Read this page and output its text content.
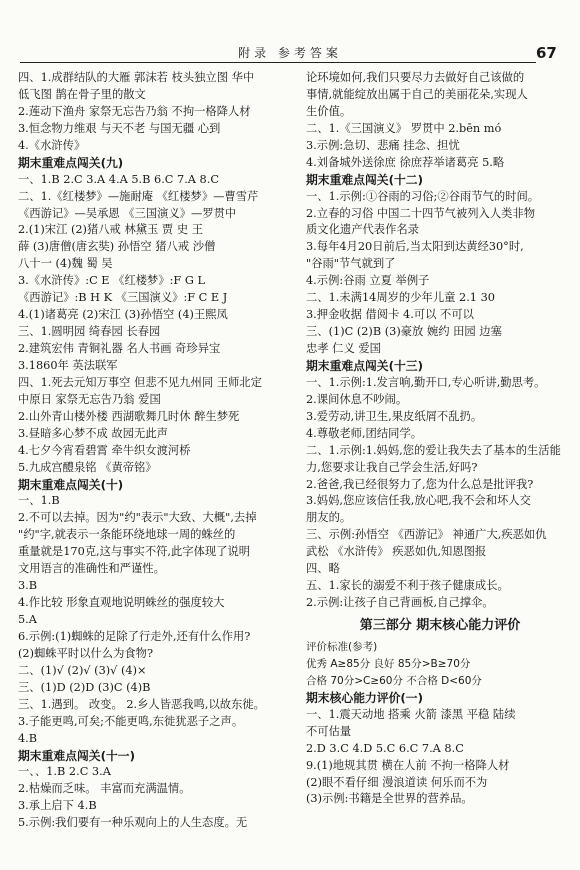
附录 参考答案	67
四、1.成群结队的大雁 郭沫若 枝头独立图 华中
低飞图 鹊在骨子里的散文
2.莲动下渔舟 家祭无忘告乃翁 不拘一格降人材
3.恒念物力维艰 与天不老 与国无疆 心到
4.《水浒传》
期末重难点闯关(九)
一、1.B 2.C 3.A 4.A 5.B 6.C 7.A 8.C
二、1.《红楼梦》—施耐庵 《红楼梦》—曹雪芹
《西游记》—吴承恩 《三国演义》—罗贯中
2.(1)宋江 (2)猪八戒 林黛玉 贾 史 王
薛 (3)唐僧(唐玄奘) 孙悟空 猪八戒 沙僧
八十一 (4)魏 蜀 吴
3.《水浒传》:C E 《红楼梦》:F G L
《西游记》:B H K 《三国演义》:F C E J
4.(1)诸葛亮 (2)宋江 (3)孙悟空 (4)王熙凤
三、1.圆明园 绮春园 长春园
2.建筑宏伟 青铜礼器 名人书画 奇珍异宝
3.1860年 英法联军
四、1.死去元知万事空 但悲不见九州同 王师北定
中原日 家祭无忘告乃翁 爱国
2.山外青山楼外楼 西湖歌舞几时休 醉生梦死
3.昼暗多心梦不成 故园无此声
4.七夕今宵看碧霄 牵牛织女渡河桥
5.九成宫醴泉铭 《黄帝铭》
期末重难点闯关(十)
一、1.B
2.不可以去掉。因为"约"表示"大致、大概",去掉
"约"字,就表示一条能环绕地球一周的蛛丝的
重量就是170克,这与事实不符,此字体现了说明
文用语言的准确性和严谨性。
3.B
4.作比较 形象直观地说明蛛丝的强度较大
5.A
6.示例:(1)蜘蛛的足除了行走外,还有什么作用?
(2)蜘蛛平时以什么为食物?
二、(1)√ (2)√ (3)√ (4)×
三、(1)D (2)D (3)C (4)B
三、1.遇到。 改变。 2.乡人皆恶我鸣,以故东徙。
3.子能更鸣,可矣;不能更鸣,东徙犹恶子之声。
4.B
期末重难点闯关(十一)
一、、1.B 2.C 3.A
2.枯燥而乏味。 丰富而充满温情。
3.承上启下 4.B
5.示例:我们要有一种乐观向上的人生态度。无
论环境如何,我们只要尽力去做好自己该做的
事情,就能绽放出属于自己的美丽花朵,实现人
生价值。
二、1.《三国演义》 罗贯中 2.bēn mó
3.示例:急切、悲痛 挂念、担忧
4.刘备城外送徐庶 徐庶荐举诸葛亮 5.略
期末重难点闯关(十二)
一、1.示例:①谷雨的习俗;②谷雨节气的时间。
2.立春的习俗 中国二十四节气被列入人类非物
质文化遗产代表作名录
3.每年4月20日前后,当太阳到达黄经30°时,
"谷雨"节气就到了
4.示例:谷雨 立夏 举例子
二、1.未满14周岁的少年儿童 2.1 30
3.押金收据 借阅卡 4.可以 不可以
三、(1)C (2)B (3)豪放 婉约 田园 边塞
忠孝 仁义 爱国
期末重难点闯关(十三)
一、1.示例:1.发言响,勤开口,专心听讲,勤思考。
2.课间休息不吵闹。
3.爱劳动,讲卫生,果皮纸屑不乱扔。
4.尊敬老师,团结同学。
二、1.示例:1.妈妈,您的爱让我失去了基本的生活能
力,您要求让我自己学会生活,好吗?
2.爸爸,我已经很努力了,您为什么总是批评我?
3.妈妈,您应该信任我,放心吧,我不会和坏人交
朋友的。
三、示例:孙悟空 《西游记》 神通广大,疾恶如仇
武松 《水浒传》 疾恶如仇,知恩图报
四、略
五、1.家长的溺爱不利于孩子健康成长。
2.示例:让孩子自己背画板,自己撑伞。
第三部分 期末核心能力评价
评价标准(参考)
优秀 A≥85分 良好 85分>B≥70分
合格 70分>C≥60分 不合格 D<60分
期末核心能力评价(一)
一、1.震天动地 搭乘 火箭 漆黑 平稳 陆续
不可估量
2.D 3.C 4.D 5.C 6.C 7.A 8.C
9.(1)地规其贯 横在人前 不拘一格降人材
(2)眼不看仔细 漫浪道读 何乐而不为
(3)示例:书籍是全世界的营养品。
